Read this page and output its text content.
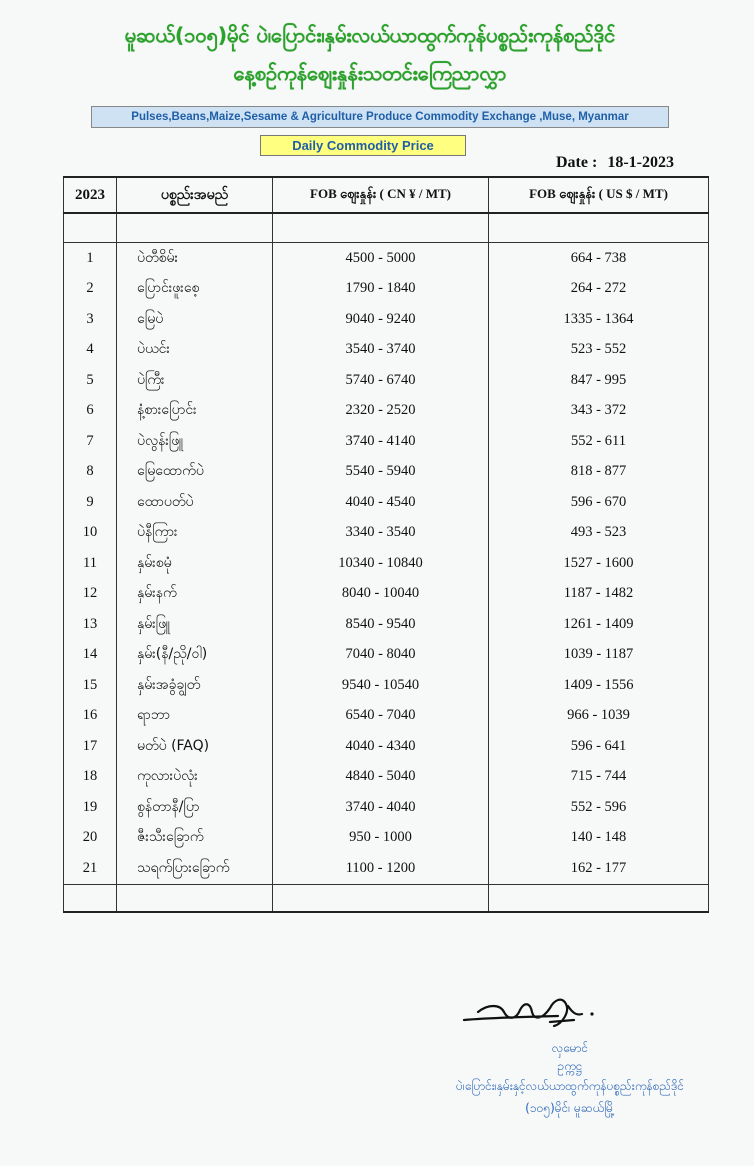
မူဆယ်(၁၀၅)မိုင် ပဲ၊ပြောင်း၊နှမ်းလယ်ယာထွက်ကုန်ပစ္စည်းကုန်စည်ဒိုင်
နေ့စဉ်ကုန်ဈေးနှုန်းသတင်းကြေညာလွှာ
Pulses,Beans,Maize,Sesame & Agriculture Produce Commodity Exchange ,Muse, Myanmar
Daily Commodity Price
Date : 18-1-2023
2023	ပစ္စည်းအမည်	FOB ဈေးနှုန်း ( CN ¥ / MT)	FOB ဈေးနှုန်း ( US $ / MT)

1	ပဲတီစိမ်း	4500 - 5000	664 - 738
2	ပြောင်းဖူးစေ့	1790 - 1840	264 - 272
3	မြေပဲ	9040 - 9240	1335 - 1364
4	ပဲယင်း	3540 - 3740	523 - 552
5	ပဲကြီး	5740 - 6740	847 - 995
6	နံ့စားပြောင်း	2320 - 2520	343 - 372
7	ပဲလွန်းဖြူ	3740 - 4140	552 - 611
8	မြေထောက်ပဲ	5540 - 5940	818 - 877
9	ထောပတ်ပဲ	4040 - 4540	596 - 670
10	ပဲနီကြား	3340 - 3540	493 - 523
11	နှမ်းစမုံ	10340 - 10840	1527 - 1600
12	နှမ်းနက်	8040 - 10040	1187 - 1482
13	နှမ်းဖြူ	8540 - 9540	1261 - 1409
14	နှမ်း(နီ/ညို/ဝါ)	7040 - 8040	1039 - 1187
15	နှမ်းအခွံချွတ်	9540 - 10540	1409 - 1556
16	ရာဘာ	6540 - 7040	966 - 1039
17	မတ်ပဲ (FAQ)	4040 - 4340	596 - 641
18	ကုလားပဲလုံး	4840 - 5040	715 - 744
19	စွန်တာနီ/ပြာ	3740 - 4040	552 - 596
20	ဇီးသီးခြောက်	950 - 1000	140 - 148
21	သရက်ပြားခြောက်	1100 - 1200	162 - 177

လှမောင်
ဥက္ကဋ္ဌ
ပဲ၊ပြောင်း၊နှမ်းနှင့်လယ်ယာထွက်ကုန်ပစ္စည်းကုန်စည်ဒိုင်
(၁၀၅)မိုင်၊ မူဆယ်မြို့
